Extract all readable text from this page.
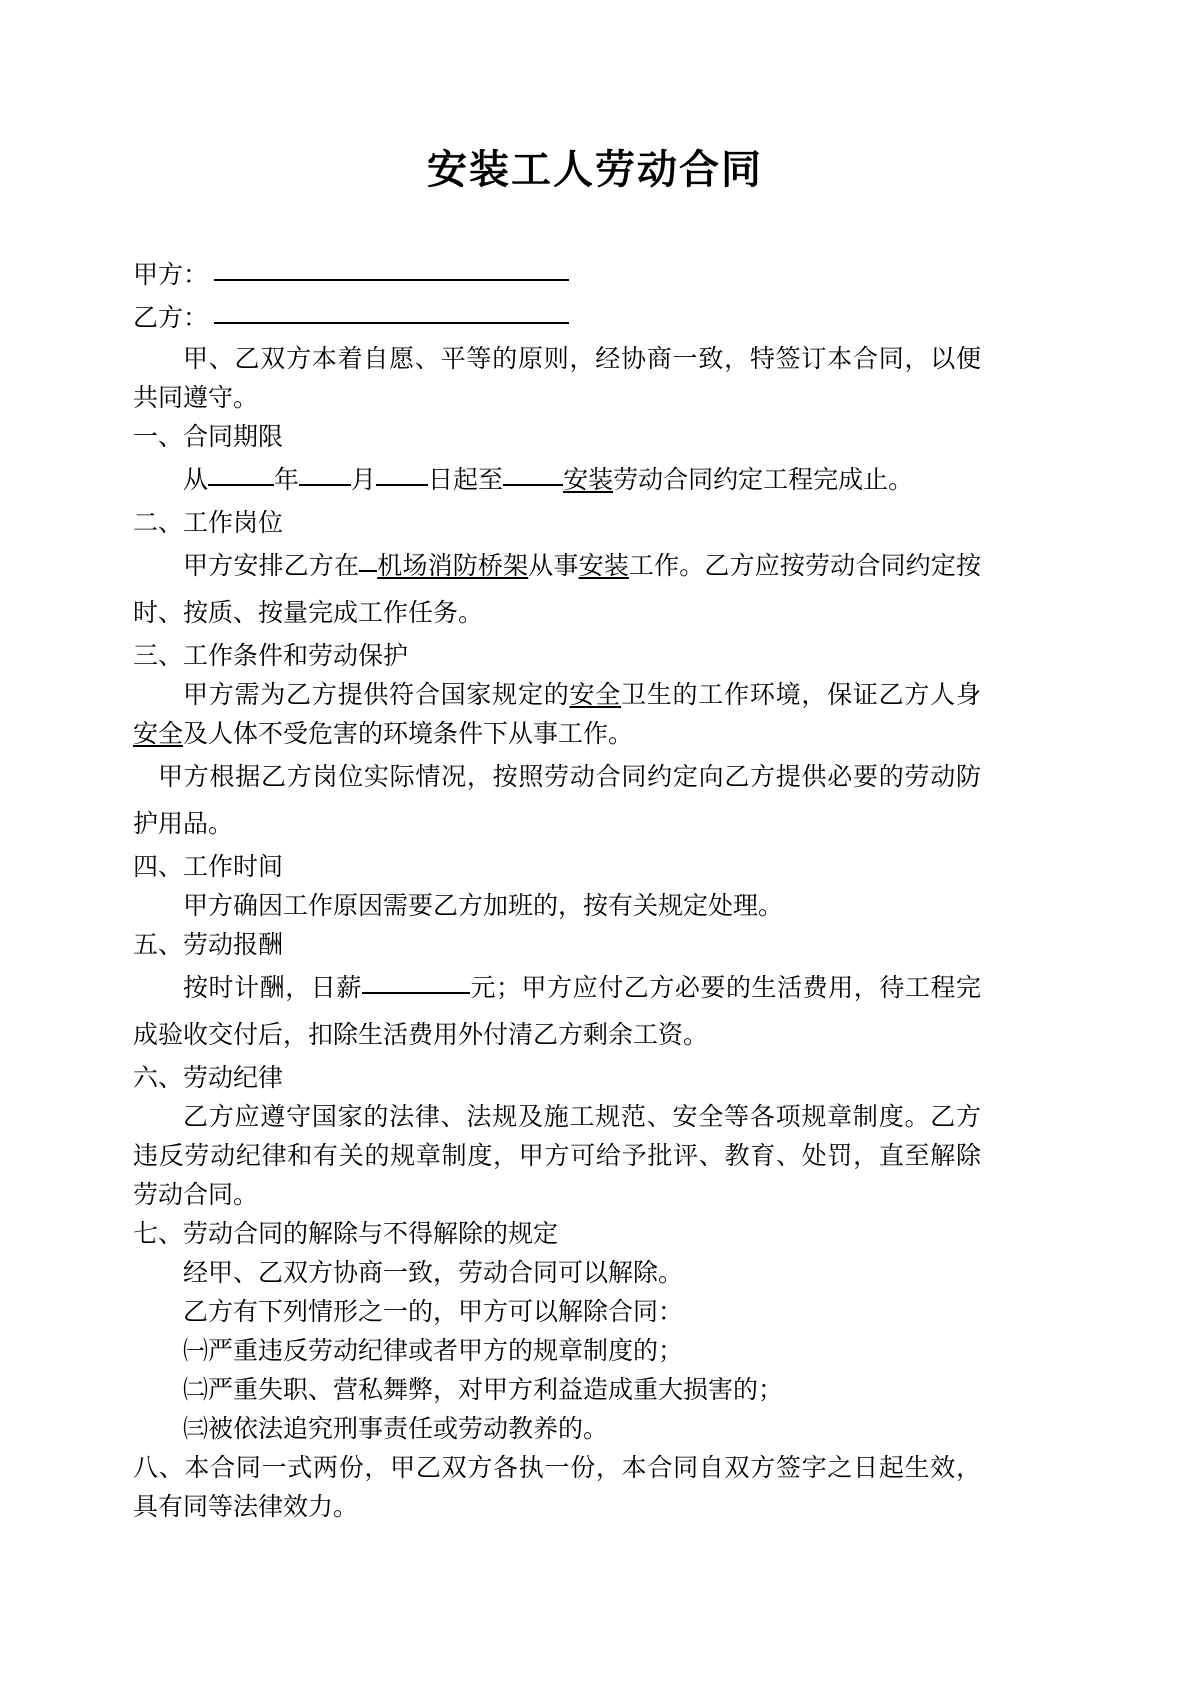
安装工人劳动合同
甲方：
乙方：

甲、乙双方本着自愿、平等的原则，经协商一致，特签订本合同，以便共同遵守。

一、合同期限

从	年 月 日起至 安装劳动合同约定工程完成止。

二、工作岗位

甲方安排乙方在 机场消防桥架从事安装工作。乙方应按劳动合同约定按时、按质、按量完成工作任务。

三、工作条件和劳动保护

甲方需为乙方提供符合国家规定的安全卫生的工作环境，保证乙方人身安全及人体不受危害的环境条件下从事工作。

甲方根据乙方岗位实际情况，按照劳动合同约定向乙方提供必要的劳动防护用品。

四、工作时间

甲方确因工作原因需要乙方加班的，按有关规定处理。

五、劳动报酬

按时计酬，日薪	元；甲方应付乙方必要的生活费用，待工程完成验收交付后，扣除生活费用外付清乙方剩余工资。

六、劳动纪律

乙方应遵守国家的法律、法规及施工规范、安全等各项规章制度。乙方违反劳动纪律和有关的规章制度，甲方可给予批评、教育、处罚，直至解除劳动合同。

七、劳动合同的解除与不得解除的规定

经甲、乙双方协商一致，劳动合同可以解除。

乙方有下列情形之一的，甲方可以解除合同：

㈠严重违反劳动纪律或者甲方的规章制度的；

㈡严重失职、营私舞弊，对甲方利益造成重大损害的；

㈢被依法追究刑事责任或劳动教养的。

八、本合同一式两份，甲乙双方各执一份，本合同自双方签字之日起生效，具有同等法律效力。
